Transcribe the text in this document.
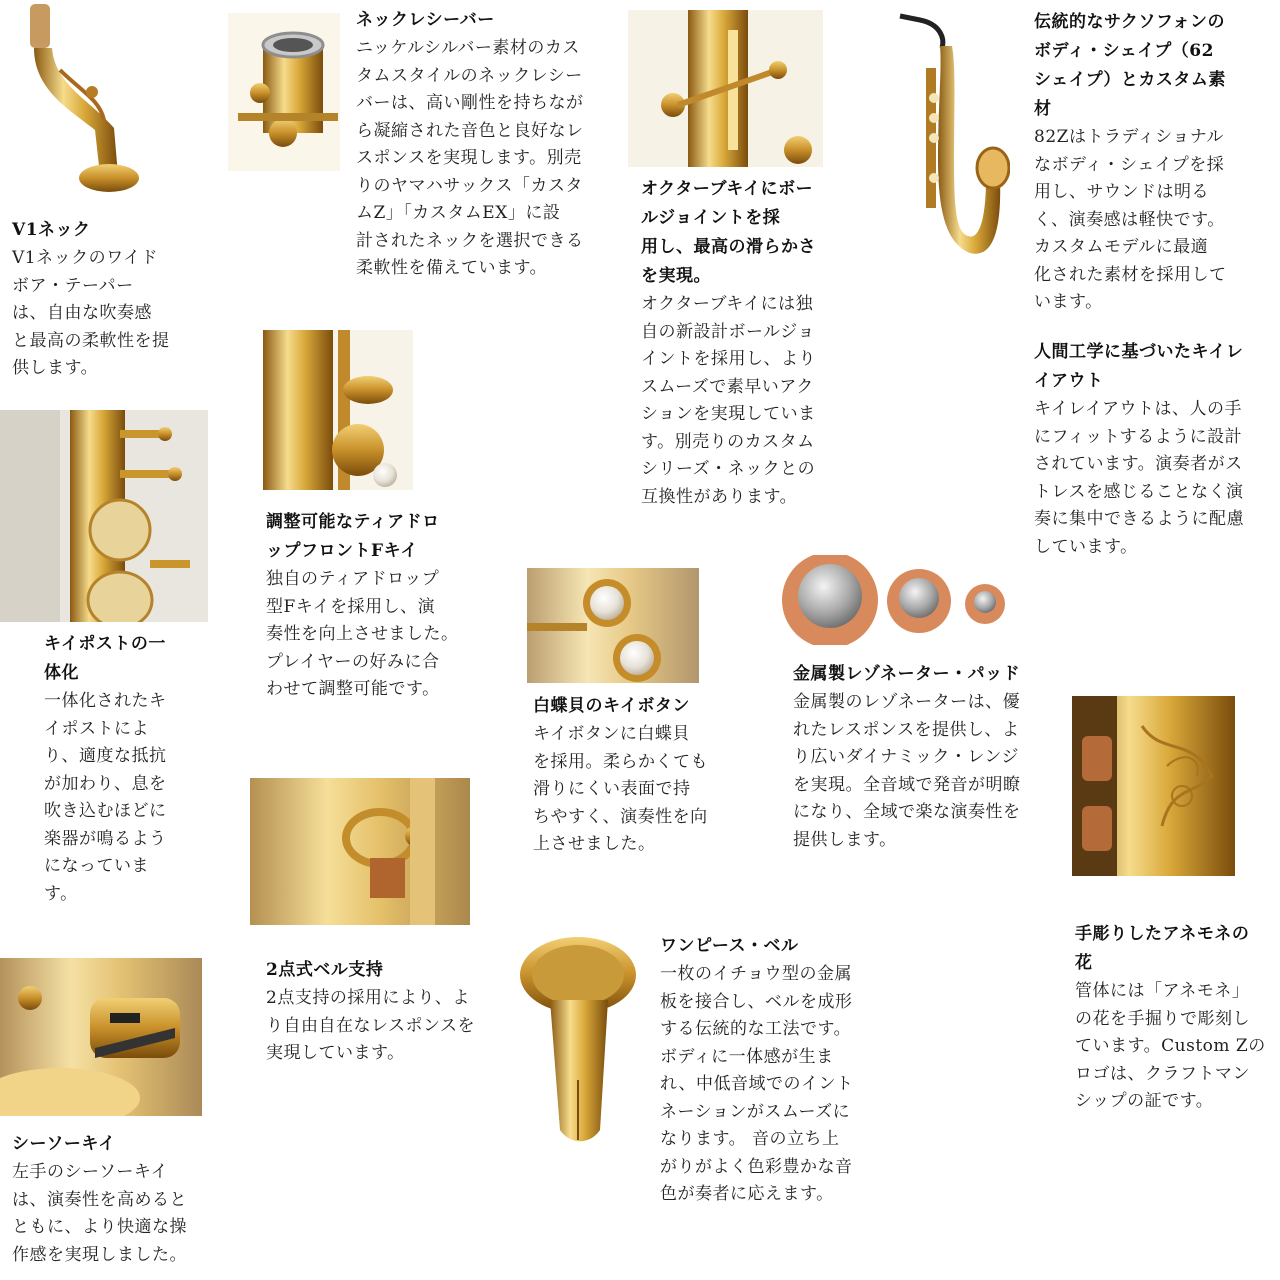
V1ネック

V1ネックのワイド
ボア・テーパー
は、自由な吹奏感
と最高の柔軟性を提
供します。

ネックレシーバー

ニッケルシルバー素材のカス
タムスタイルのネックレシー
バーは、高い剛性を持ちなが
ら凝縮された音色と良好なレ
スポンスを実現します。別売
りのヤマハサックス「カスタ
ムZ」「カスタムEX」に設
計されたネックを選択できる
柔軟性を備えています。

オクターブキイにボー
ルジョイントを採
用し、最高の滑らかさ
を実現。

オクターブキイには独
自の新設計ボールジョ
イントを採用し、より
スムーズで素早いアク
ションを実現していま
す。別売りのカスタム
シリーズ・ネックとの
互換性があります。

伝統的なサクソフォンの
ボディ・シェイプ（62
シェイプ）とカスタム素
材

82Zはトラディショナル
なボディ・シェイプを採
用し、サウンドは明る
く、演奏感は軽快です。
カスタムモデルに最適
化された素材を採用して
います。

人間工学に基づいたキイレ
イアウト

キイレイアウトは、人の手
にフィットするように設計
されています。演奏者がス
トレスを感じることなく演
奏に集中できるように配慮
しています。

キイポストの一
体化

一体化されたキ
イポストによ
り、適度な抵抗
が加わり、息を
吹き込むほどに
楽器が鳴るよう
になっていま
す。

調整可能なティアドロ
ップフロントFキイ

独自のティアドロップ
型Fキイを採用し、演
奏性を向上させました。
プレイヤーの好みに合
わせて調整可能です。

白蝶貝のキイボタン

キイボタンに白蝶貝
を採用。柔らかくても
滑りにくい表面で持
ちやすく、演奏性を向
上させました。

金属製レゾネーター・パッド

金属製のレゾネーターは、優
れたレスポンスを提供し、よ
り広いダイナミック・レンジ
を実現。全音域で発音が明瞭
になり、全域で楽な演奏性を
提供します。

手彫りしたアネモネの
花

管体には「アネモネ」
の花を手掘りで彫刻し
ています。Custom Zの
ロゴは、クラフトマン
シップの証です。

2点式ベル支持

2点支持の採用により、よ
り自由自在なレスポンスを
実現しています。

ワンピース・ベル

一枚のイチョウ型の金属
板を接合し、ベルを成形
する伝統的な工法です。
ボディに一体感が生ま
れ、中低音域でのイント
ネーションがスムーズに
なります。 音の立ち上
がりがよく色彩豊かな音
色が奏者に応えます。

シーソーキイ

左手のシーソーキイ
は、演奏性を高めると
ともに、より快適な操
作感を実現しました。
